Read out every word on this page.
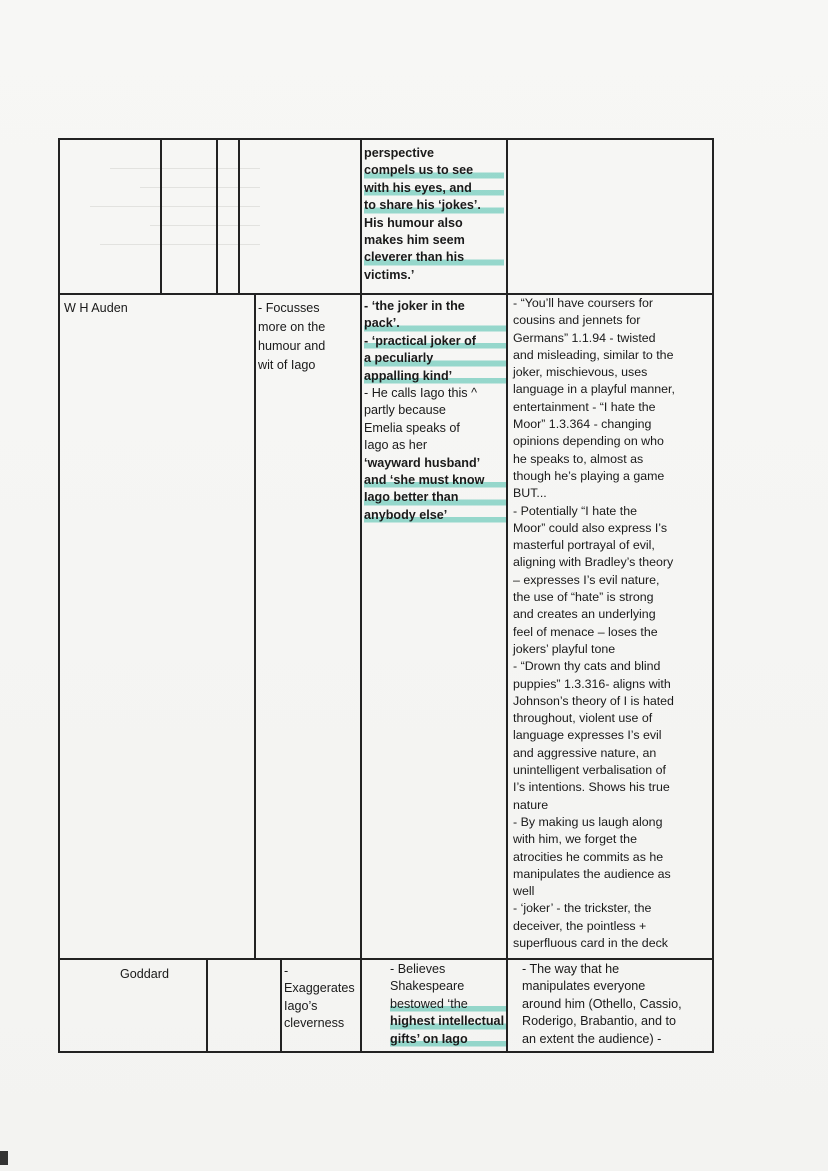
perspective

compels us to see

with his eyes, and

to share his ‘jokes’.

His humour also

makes him seem

cleverer than his

victims.’

W H Auden	- Focusses

more on the

humour and

wit of Iago

- ‘the joker in the

pack’.

- ‘practical joker of

a peculiarly

appalling kind’

- He calls Iago this ^

partly because

Emelia speaks of

Iago as her

‘wayward husband’

and ‘she must know

Iago better than

anybody else’

- “You’ll have coursers for

cousins and jennets for

Germans” 1.1.94 - twisted

and misleading, similar to the

joker, mischievous, uses

language in a playful manner,

entertainment - “I hate the

Moor” 1.3.364 - changing

opinions depending on who

he speaks to, almost as

though he’s playing a game

BUT...

- Potentially “I hate the

Moor” could also express I’s

masterful portrayal of evil,

aligning with Bradley’s theory

– expresses I’s evil nature,

the use of “hate” is strong

and creates an underlying

feel of menace – loses the

jokers’ playful tone

- “Drown thy cats and blind

puppies” 1.3.316- aligns with

Johnson’s theory of I is hated

throughout, violent use of

language expresses I’s evil

and aggressive nature, an

unintelligent verbalisation of

I’s intentions. Shows his true

nature

- By making us laugh along

with him, we forget the

atrocities he commits as he

manipulates the audience as

well

- ‘joker’ - the trickster, the

deceiver, the pointless +

superfluous card in the deck

Goddard	- Exaggerates

Iago’s

cleverness

- Believes

Shakespeare

bestowed ‘the

highest intellectual

gifts’ on Iago

- The way that he

manipulates everyone

around him (Othello, Cassio,

Roderigo, Brabantio, and to

an extent the audience) -
